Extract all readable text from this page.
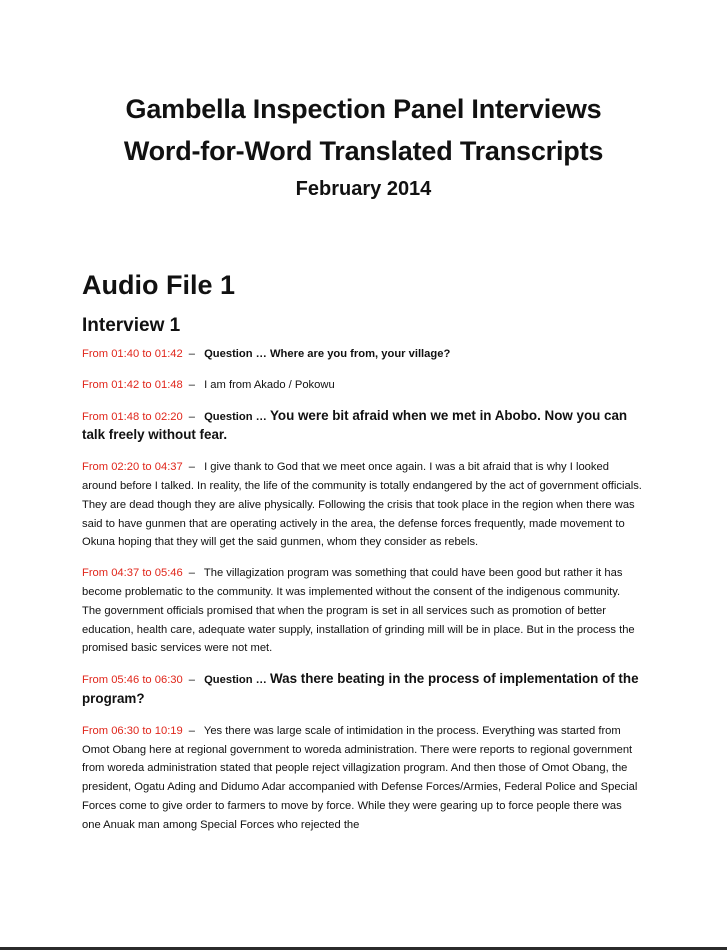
Gambella Inspection Panel Interviews
Word-for-Word Translated Transcripts
February 2014
Audio File 1
Interview 1

From 01:40 to 01:42 – Question … Where are you from, your village?

From 01:42 to 01:48 – I am from Akado / Pokowu

From 01:48 to 02:20 – Question … You were bit afraid when we met in Abobo. Now you can talk freely without fear.

From 02:20 to 04:37 – I give thank to God that we meet once again. I was a bit afraid that is why I looked around before I talked. In reality, the life of the community is totally endangered by the act of government officials. They are dead though they are alive physically. Following the crisis that took place in the region when there was said to have gunmen that are operating actively in the area, the defense forces frequently, made movement to Okuna hoping that they will get the said gunmen, whom they consider as rebels.

From 04:37 to 05:46 – The villagization program was something that could have been good but rather it has become problematic to the community. It was implemented without the consent of the indigenous community. The government officials promised that when the program is set in all services such as promotion of better education, health care, adequate water supply, installation of grinding mill will be in place. But in the process the promised basic services were not met.

From 05:46 to 06:30 – Question … Was there beating in the process of implementation of the program?

From 06:30 to 10:19 – Yes there was large scale of intimidation in the process. Everything was started from Omot Obang here at regional government to woreda administration. There were reports to regional government from woreda administration stated that people reject villagization program. And then those of Omot Obang, the president, Ogatu Ading and Didumo Adar accompanied with Defense Forces/Armies, Federal Police and Special Forces come to give order to farmers to move by force. While they were gearing up to force people there was one Anuak man among Special Forces who rejected the
